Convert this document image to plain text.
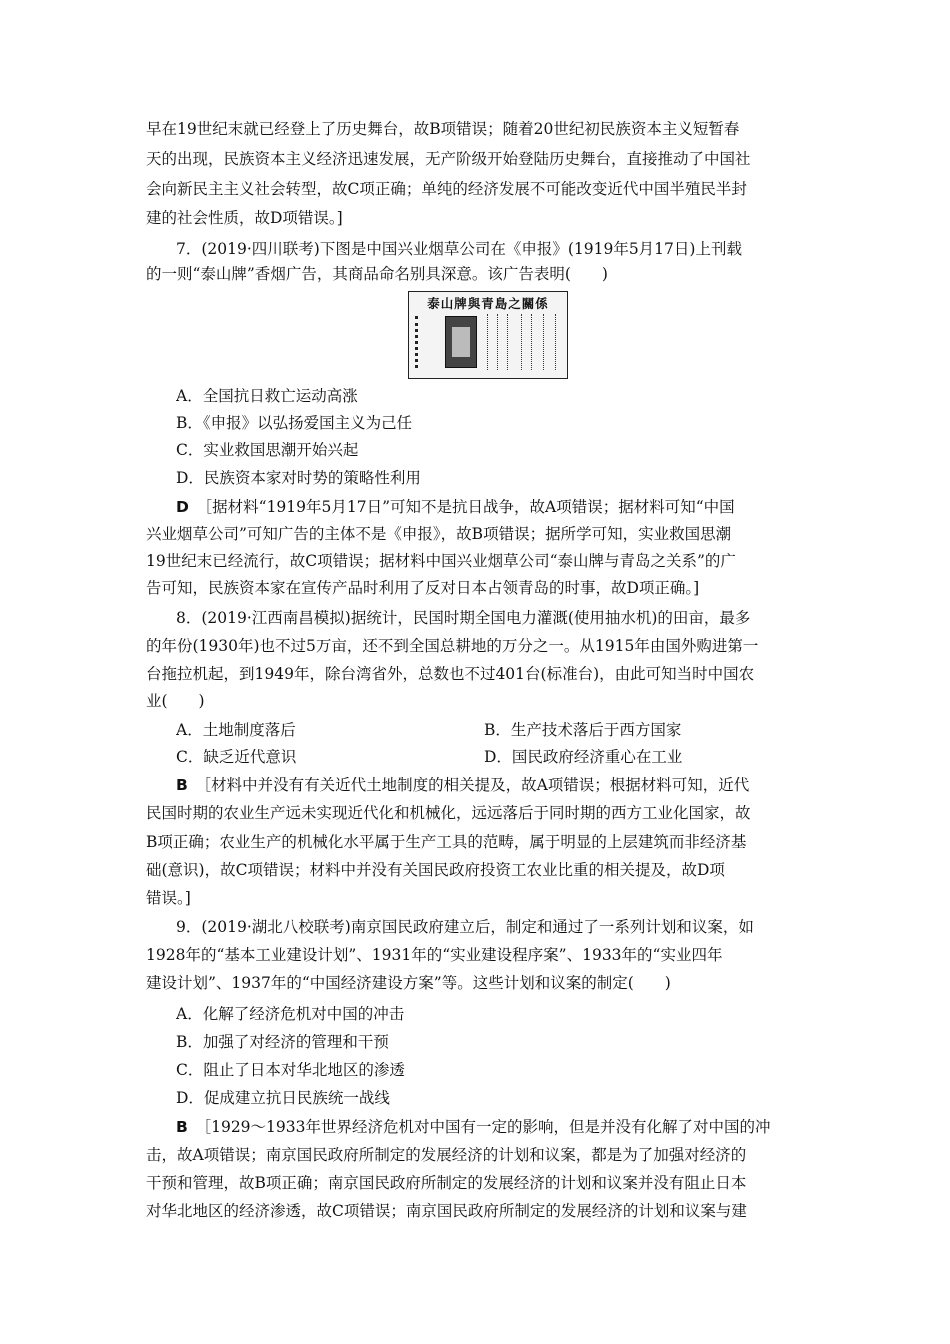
早在19世纪末就已经登上了历史舞台，故B项错误；随着20世纪初民族资本主义短暂春
天的出现，民族资本主义经济迅速发展，无产阶级开始登陆历史舞台，直接推动了中国社
会向新民主主义社会转型，故C项正确；单纯的经济发展不可能改变近代中国半殖民半封
建的社会性质，故D项错误。]
7．(2019·四川联考)下图是中国兴业烟草公司在《申报》(1919年5月17日)上刊载
的一则“泰山牌”香烟广告，其商品命名别具深意。该广告表明(　　)
泰山牌與青島之關係
A．全国抗日救亡运动高涨
B．《申报》以弘扬爱国主义为己任
C．实业救国思潮开始兴起
D．民族资本家对时势的策略性利用
D　 ［据材料“1919年5月17日”可知不是抗日战争，故A项错误；据材料可知“中国
兴业烟草公司”可知广告的主体不是《申报》，故B项错误；据所学可知，实业救国思潮
19世纪末已经流行，故C项错误；据材料中国兴业烟草公司“泰山牌与青岛之关系”的广
告可知，民族资本家在宣传产品时利用了反对日本占领青岛的时事，故D项正确。]
8．(2019·江西南昌模拟)据统计，民国时期全国电力灌溉(使用抽水机)的田亩，最多
的年份(1930年)也不过5万亩，还不到全国总耕地的万分之一。从1915年由国外购进第一
台拖拉机起，到1949年，除台湾省外，总数也不过401台(标准台)，由此可知当时中国农
业(　　)
A．土地制度落后	B．生产技术落后于西方国家
C．缺乏近代意识	D．国民政府经济重心在工业
B　 ［材料中并没有有关近代土地制度的相关提及，故A项错误；根据材料可知，近代
民国时期的农业生产远未实现近代化和机械化，远远落后于同时期的西方工业化国家，故
B项正确；农业生产的机械化水平属于生产工具的范畴，属于明显的上层建筑而非经济基
础(意识)，故C项错误；材料中并没有关国民政府投资工农业比重的相关提及，故D项
错误。]
9．(2019·湖北八校联考)南京国民政府建立后，制定和通过了一系列计划和议案，如
1928年的“基本工业建设计划”、1931年的“实业建设程序案”、1933年的“实业四年
建设计划”、1937年的“中国经济建设方案”等。这些计划和议案的制定(　　)
A．化解了经济危机对中国的冲击
B．加强了对经济的管理和干预
C．阻止了日本对华北地区的渗透
D．促成建立抗日民族统一战线
B　 ［1929～1933年世界经济危机对中国有一定的影响，但是并没有化解了对中国的冲
击，故A项错误；南京国民政府所制定的发展经济的计划和议案，都是为了加强对经济的
干预和管理，故B项正确；南京国民政府所制定的发展经济的计划和议案并没有阻止日本
对华北地区的经济渗透，故C项错误；南京国民政府所制定的发展经济的计划和议案与建
